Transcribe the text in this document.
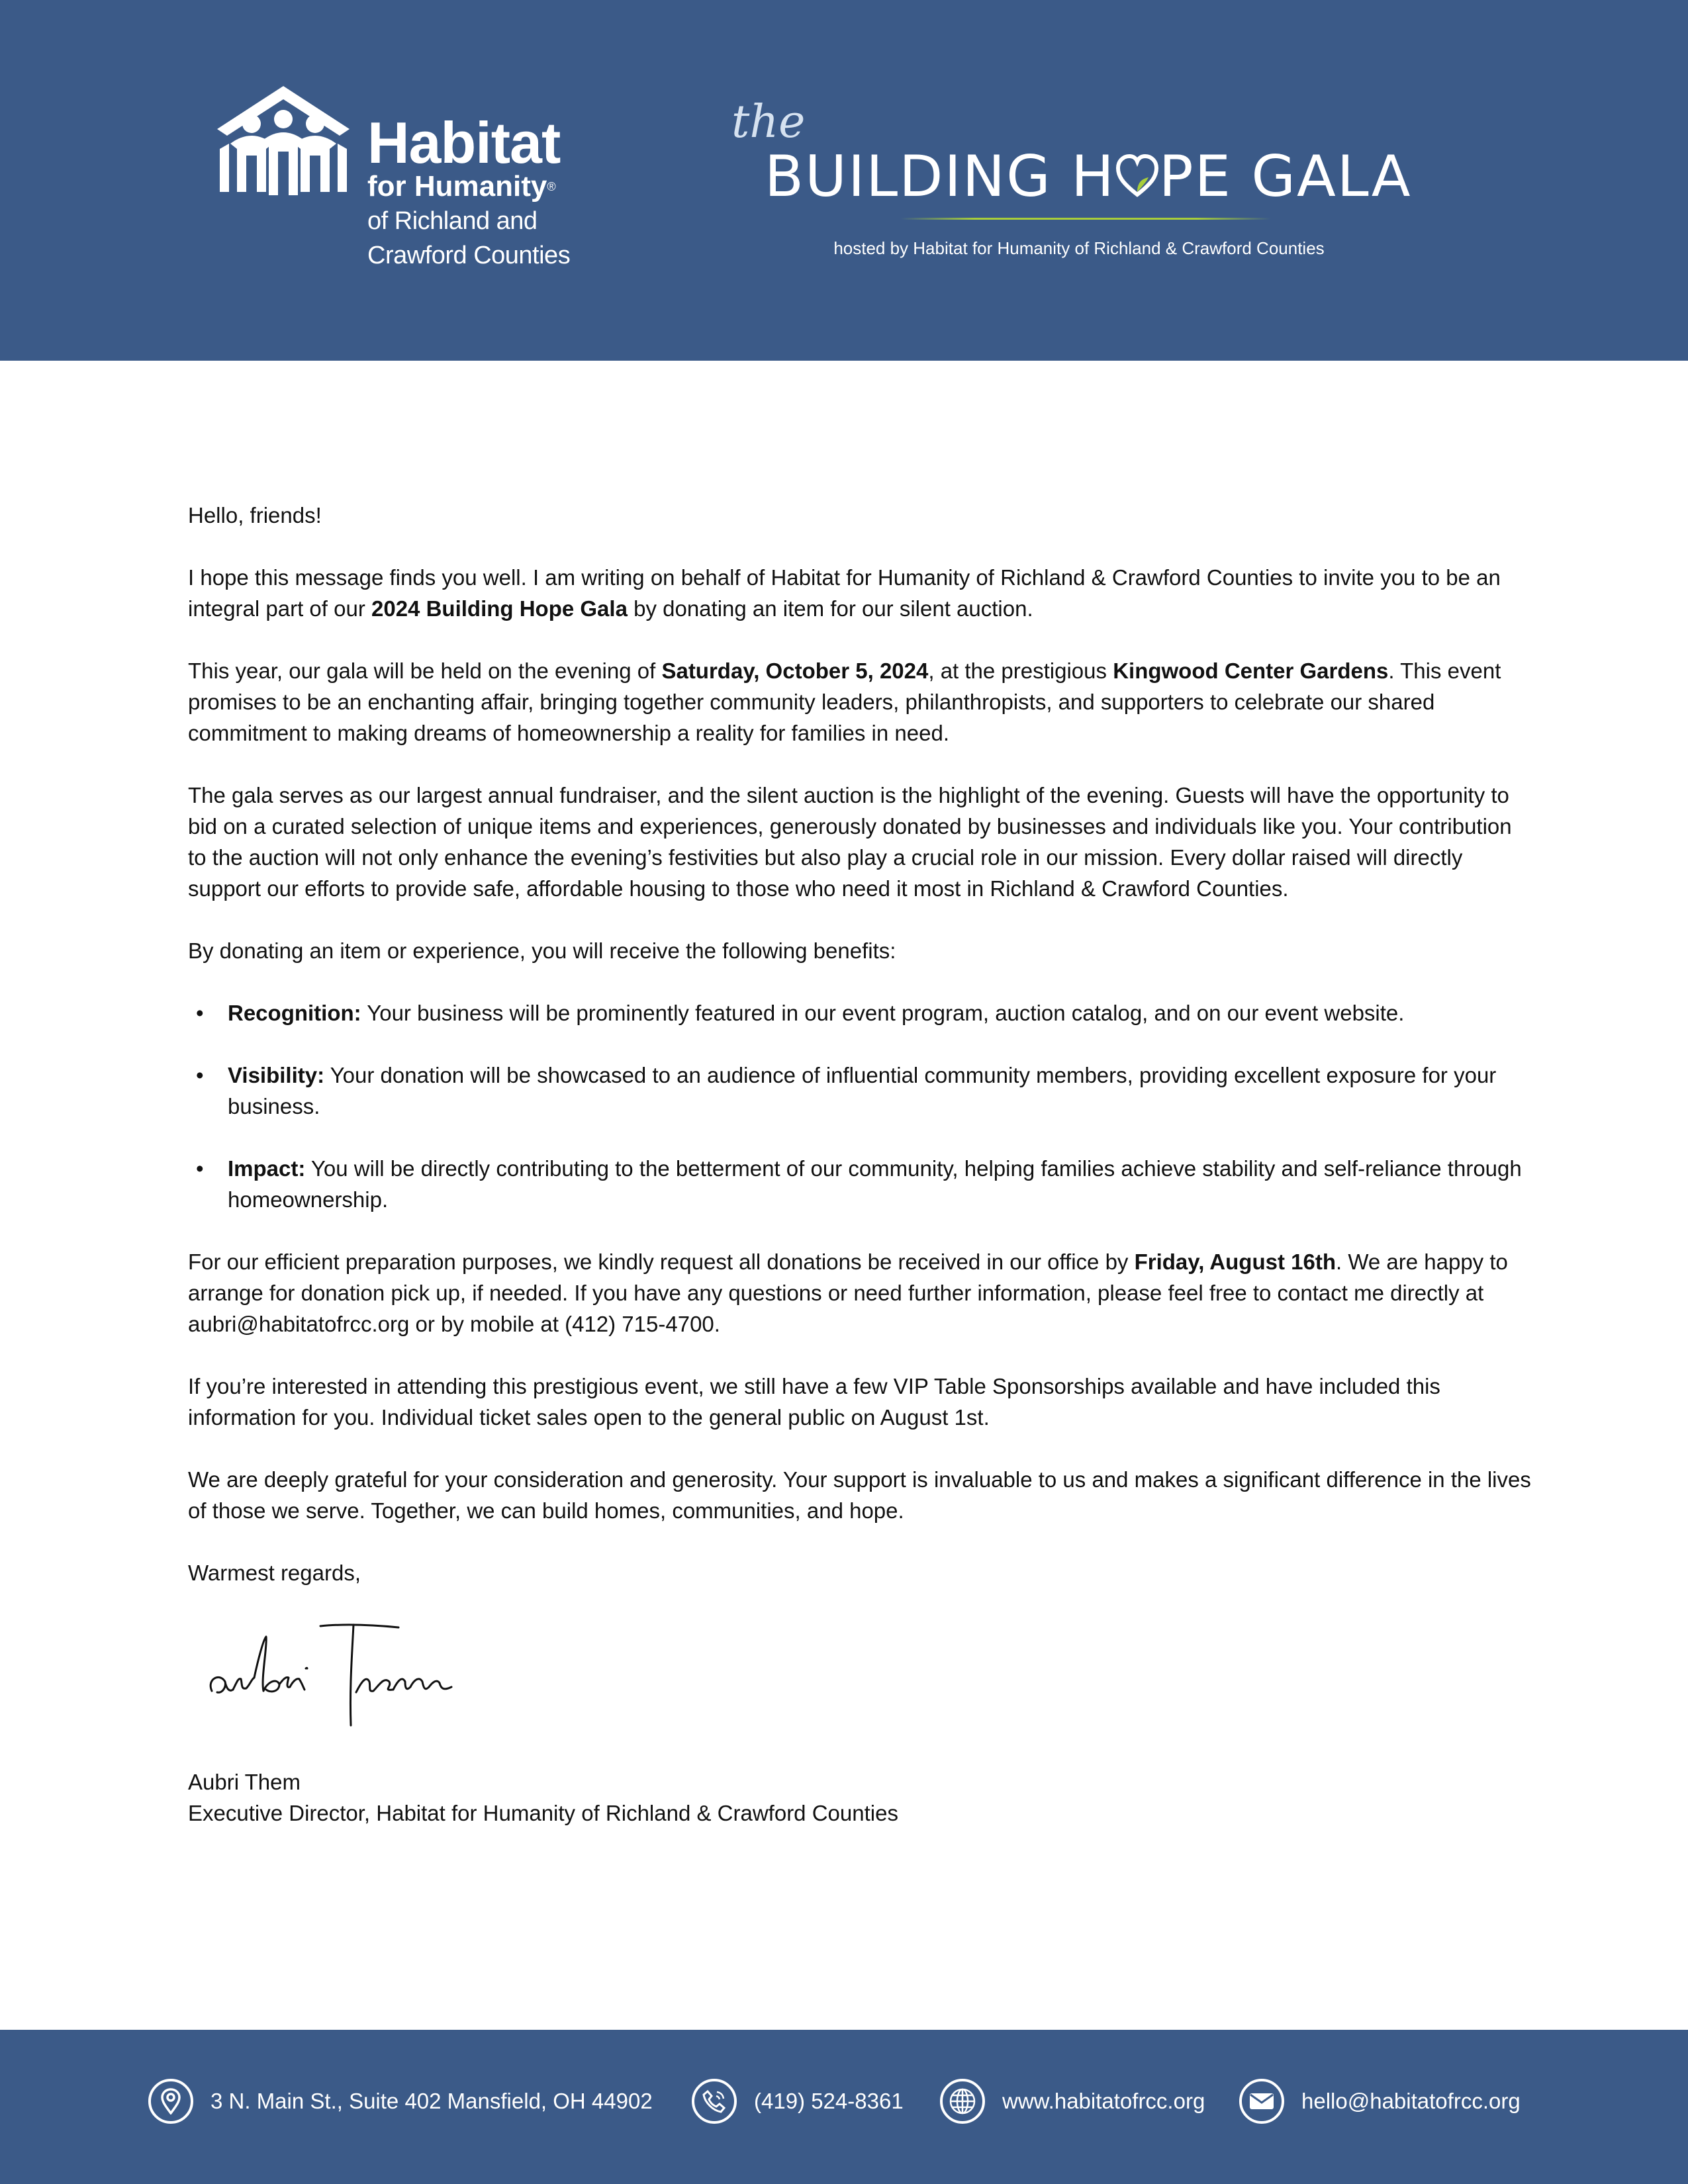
Habitat
for Humanity®
of Richland and
Crawford Counties
the
BUILDING H PE GALA
hosted by Habitat for Humanity of Richland & Crawford Counties

Hello, friends!

I hope this message finds you well. I am writing on behalf of Habitat for Humanity of Richland & Crawford Counties to invite you to be an integral part of our 2024 Building Hope Gala by donating an item for our silent auction.

This year, our gala will be held on the evening of Saturday, October 5, 2024, at the prestigious Kingwood Center Gardens. This event promises to be an enchanting affair, bringing together community leaders, philanthropists, and supporters to celebrate our shared commitment to making dreams of homeownership a reality for families in need.

The gala serves as our largest annual fundraiser, and the silent auction is the highlight of the evening. Guests will have the opportunity to bid on a curated selection of unique items and experiences, generously donated by businesses and individuals like you. Your contribution to the auction will not only enhance the evening’s festivities but also play a crucial role in our mission. Every dollar raised will directly support our efforts to provide safe, affordable housing to those who need it most in Richland & Crawford Counties.

By donating an item or experience, you will receive the following benefits:

• Recognition: Your business will be prominently featured in our event program, auction catalog, and on our event website.
• Visibility: Your donation will be showcased to an audience of influential community members, providing excellent exposure for your business.
• Impact: You will be directly contributing to the betterment of our community, helping families achieve stability and self-reliance through homeownership.

For our efficient preparation purposes, we kindly request all donations be received in our office by Friday, August 16th. We are happy to arrange for donation pick up, if needed. If you have any questions or need further information, please feel free to contact me directly at aubri@habitatofrcc.org or by mobile at (412) 715-4700.

If you’re interested in attending this prestigious event, we still have a few VIP Table Sponsorships available and have included this information for you. Individual ticket sales open to the general public on August 1st.

We are deeply grateful for your consideration and generosity. Your support is invaluable to us and makes a significant difference in the lives of those we serve. Together, we can build homes, communities, and hope.

Warmest regards,

Aubri Them

Executive Director, Habitat for Humanity of Richland & Crawford Counties

3 N. Main St., Suite 402 Mansfield, OH 44902	(419) 524-8361	www.habitatofrcc.org	hello@habitatofrcc.org
